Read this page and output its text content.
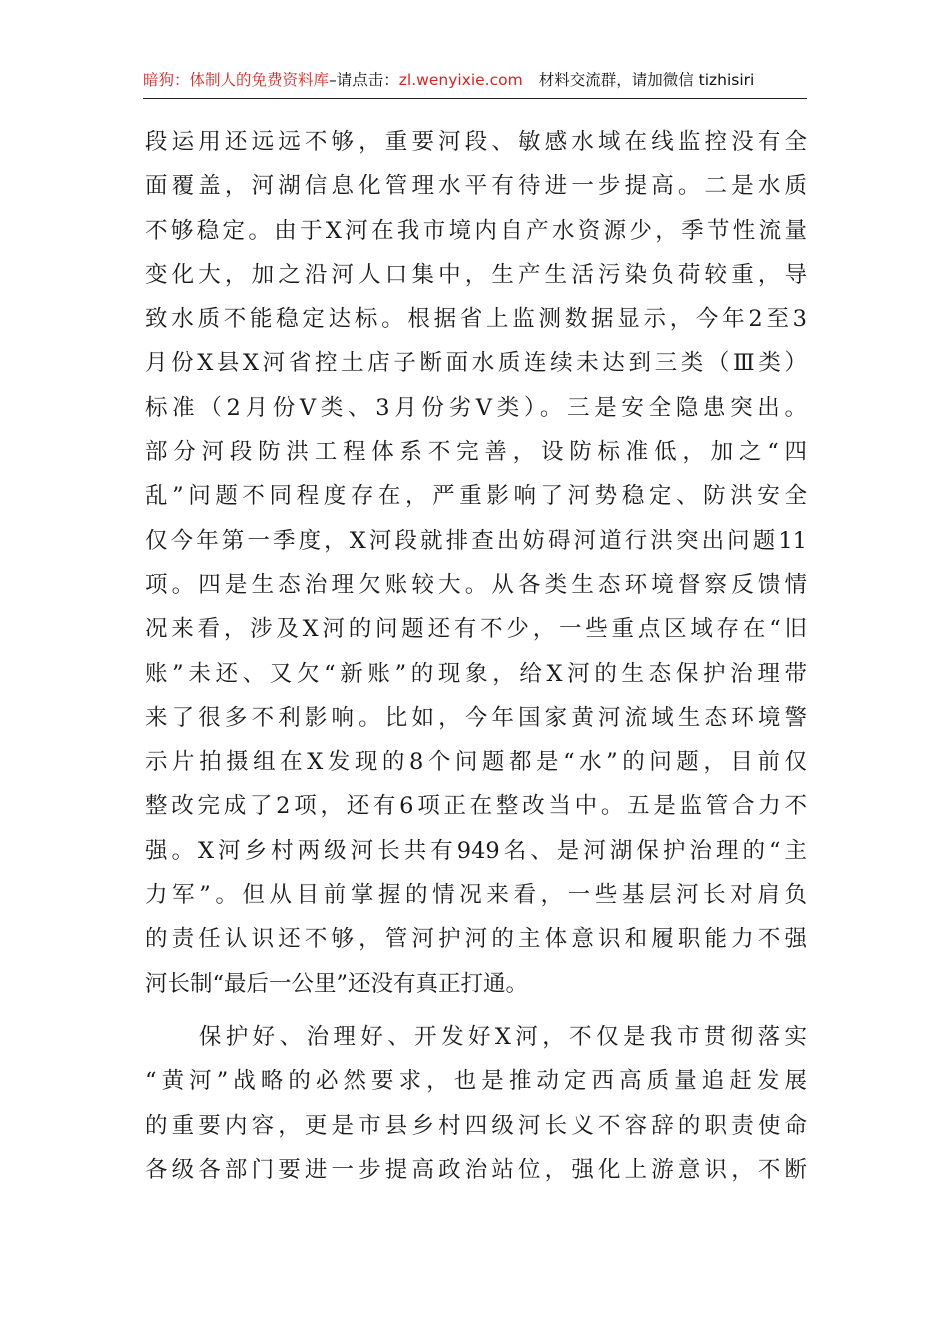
暗狗：体制人的免费资料库–请点击：zl.wenyixie.com 材料交流群，请加微信 tizhisiri
段运用还远远不够，重要河段、敏感水域在线监控没有全
面覆盖，河湖信息化管理水平有待进一步提高。二是水质
不够稳定。由于X河在我市境内自产水资源少，季节性流量
变化大，加之沿河人口集中，生产生活污染负荷较重，导
致水质不能稳定达标。根据省上监测数据显示，今年2至3
月份X县X河省控土店子断面水质连续未达到三类（Ⅲ类）
标准（2月份Ⅴ类、3月份劣Ⅴ类）。三是安全隐患突出。
部分河段防洪工程体系不完善，设防标准低，加之“四
乱”问题不同程度存在，严重影响了河势稳定、防洪安全
仅今年第一季度，X河段就排查出妨碍河道行洪突出问题11
项。四是生态治理欠账较大。从各类生态环境督察反馈情
况来看，涉及X河的问题还有不少，一些重点区域存在“旧
账”未还、又欠“新账”的现象，给X河的生态保护治理带
来了很多不利影响。比如，今年国家黄河流域生态环境警
示片拍摄组在X发现的8个问题都是“水”的问题，目前仅
整改完成了2项，还有6项正在整改当中。五是监管合力不
强。X河乡村两级河长共有949名、是河湖保护治理的“主
力军”。但从目前掌握的情况来看，一些基层河长对肩负
的责任认识还不够，管河护河的主体意识和履职能力不强
河长制“最后一公里”还没有真正打通。
　　保护好、治理好、开发好X河，不仅是我市贯彻落实
“黄河”战略的必然要求，也是推动定西高质量追赶发展
的重要内容，更是市县乡村四级河长义不容辞的职责使命
各级各部门要进一步提高政治站位，强化上游意识，不断
